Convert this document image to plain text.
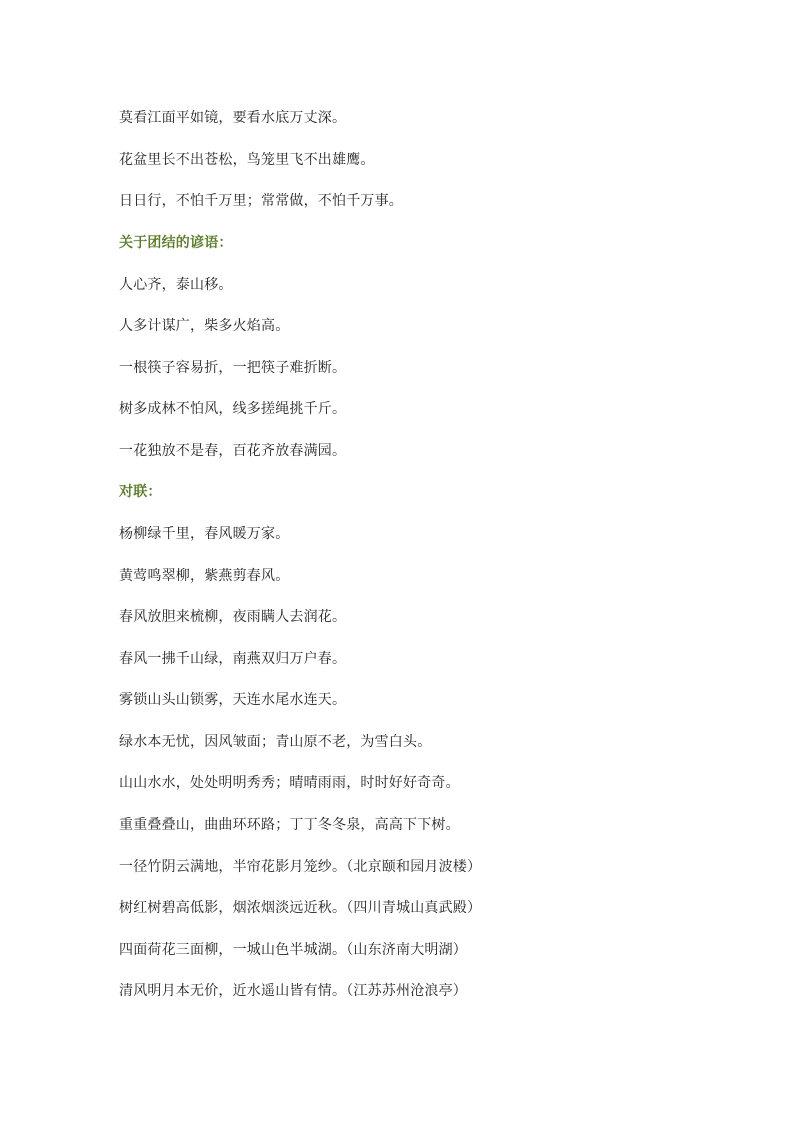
莫看江面平如镜，要看水底万丈深。
花盆里长不出苍松，鸟笼里飞不出雄鹰。
日日行，不怕千万里；常常做，不怕千万事。
关于团结的谚语：
人心齐，泰山移。
人多计谋广，柴多火焰高。
一根筷子容易折，一把筷子难折断。
树多成林不怕风，线多搓绳挑千斤。
一花独放不是春，百花齐放春满园。
对联：
杨柳绿千里，春风暖万家。
黄莺鸣翠柳，紫燕剪春风。
春风放胆来梳柳，夜雨瞒人去润花。
春风一拂千山绿，南燕双归万户春。
雾锁山头山锁雾，天连水尾水连天。
绿水本无忧，因风皱面；青山原不老，为雪白头。
山山水水，处处明明秀秀；晴晴雨雨，时时好好奇奇。
重重叠叠山，曲曲环环路；丁丁冬冬泉，高高下下树。
一径竹阴云满地，半帘花影月笼纱。（北京颐和园月波楼）
树红树碧高低影，烟浓烟淡远近秋。（四川青城山真武殿）
四面荷花三面柳，一城山色半城湖。（山东济南大明湖）
清风明月本无价，近水遥山皆有情。（江苏苏州沧浪亭）
